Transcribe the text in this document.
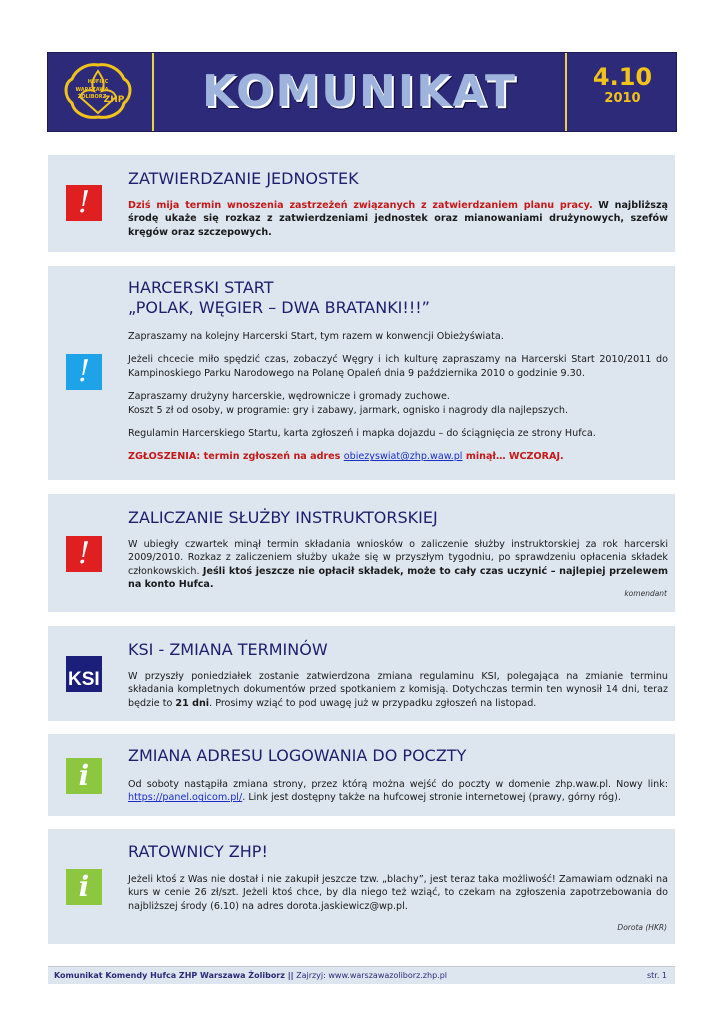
HUFIEC
WARSZAWA
ŻOLIBORZ
ZHP	KOMUNIKAT	4.10
2010
!
ZATWIERDZANIE JEDNOSTEK
Dziś mija termin wnoszenia zastrzeżeń związanych z zatwierdzaniem planu pracy. W najbliższą środę ukaże się rozkaz z zatwierdzeniami jednostek oraz mianowaniami drużynowych, szefów kręgów oraz szczepowych.
!
HARCERSKI START
„POLAK, WĘGIER – DWA BRATANKI!!!”

Zapraszamy na kolejny Harcerski Start, tym razem w konwencji Obieżyświata.

Jeżeli chcecie miło spędzić czas, zobaczyć Węgry i ich kulturę zapraszamy na Harcerski Start 2010/2011 do Kampinoskiego Parku Narodowego na Polanę Opaleń dnia 9 października 2010 o godzinie 9.30.

Zapraszamy drużyny harcerskie, wędrownicze i gromady zuchowe.
Koszt 5 zł od osoby, w programie: gry i zabawy, jarmark, ognisko i nagrody dla najlepszych.

Regulamin Harcerskiego Startu, karta zgłoszeń i mapka dojazdu – do ściągnięcia ze strony Hufca.

ZGŁOSZENIA: termin zgłoszeń na adres obiezyswiat@zhp.waw.pl minął… WCZORAJ.

!
ZALICZANIE SŁUŻBY INSTRUKTORSKIEJ
W ubiegły czwartek minął termin składania wniosków o zaliczenie służby instruktorskiej za rok harcerski 2009/2010. Rozkaz z zaliczeniem służby ukaże się w przyszłym tygodniu, po sprawdzeniu opłacenia składek członkowskich. Jeśli ktoś jeszcze nie opłacił składek, może to cały czas uczynić – najlepiej przelewem na konto Hufca.
komendant
KSI
KSI - ZMIANA TERMINÓW
W przyszły poniedziałek zostanie zatwierdzona zmiana regulaminu KSI, polegająca na zmianie terminu składania kompletnych dokumentów przed spotkaniem z komisją. Dotychczas termin ten wynosił 14 dni, teraz będzie to 21 dni. Prosimy wziąć to pod uwagę już w przypadku zgłoszeń na listopad.
i
ZMIANA ADRESU LOGOWANIA DO POCZTY
Od soboty nastąpiła zmiana strony, przez którą można wejść do poczty w domenie zhp.waw.pl. Nowy link: https://panel.ogicom.pl/. Link jest dostępny także na hufcowej stronie internetowej (prawy, górny róg).
i
RATOWNICY ZHP!
Jeżeli ktoś z Was nie dostał i nie zakupił jeszcze tzw. „blachy”, jest teraz taka możliwość! Zamawiam odznaki na kurs w cenie 26 zł/szt. Jeżeli ktoś chce, by dla niego też wziąć, to czekam na zgłoszenia zapotrzebowania do najbliższej środy (6.10) na adres dorota.jaskiewicz@wp.pl.
Dorota (HKR)
Komunikat Komendy Hufca ZHP Warszawa Żoliborz || Zajrzyj: www.warszawazoliborz.zhp.pl	str. 1
